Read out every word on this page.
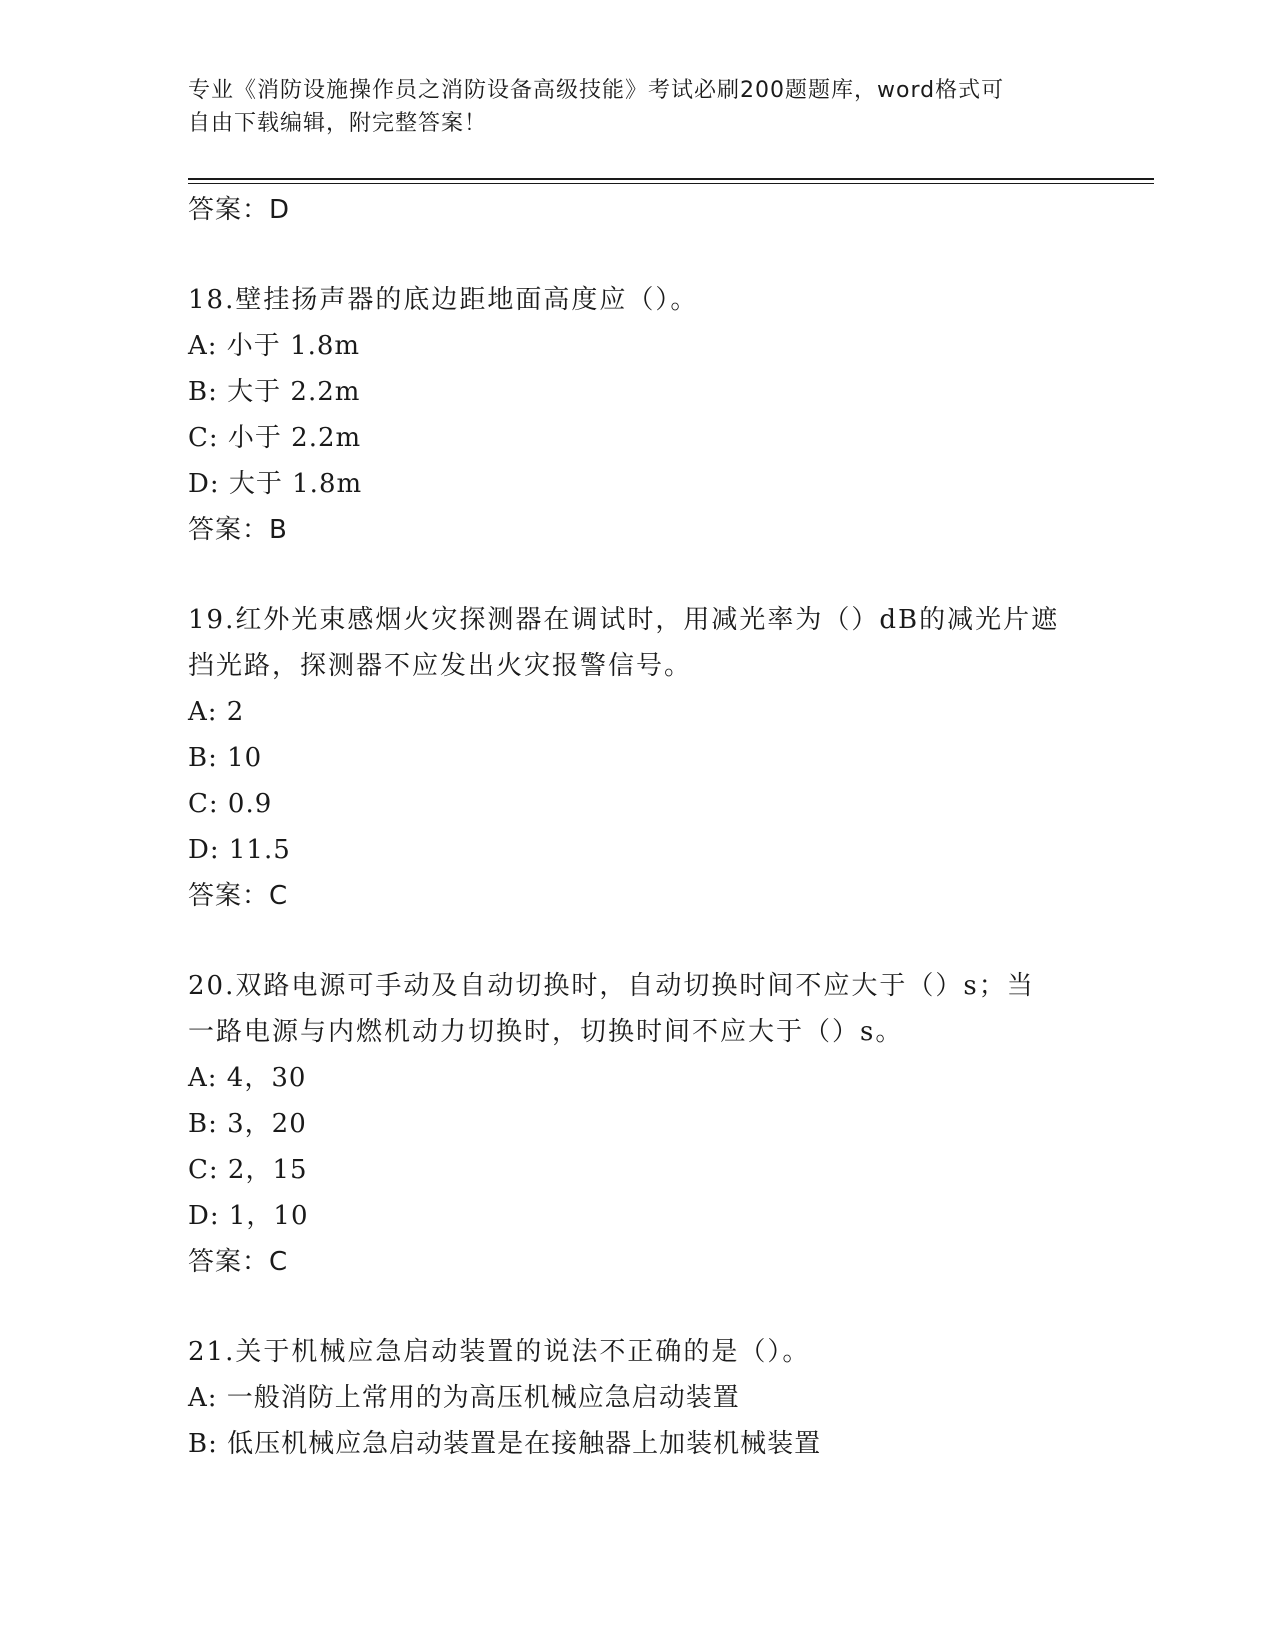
专业《消防设施操作员之消防设备高级技能》考试必刷200题题库，word格式可
自由下载编辑，附完整答案！

答案：D

18.壁挂扬声器的底边距地面高度应（）。

A: 小于 1.8m

B: 大于 2.2m

C: 小于 2.2m

D: 大于 1.8m

答案：B

19.红外光束感烟火灾探测器在调试时，用减光率为（）dB的减光片遮

挡光路，探测器不应发出火灾报警信号。

A: 2

B: 10

C: 0.9

D: 11.5

答案：C

20.双路电源可手动及自动切换时，自动切换时间不应大于（）s；当

一路电源与内燃机动力切换时，切换时间不应大于（）s。

A: 4，30

B: 3，20

C: 2，15

D: 1，10

答案：C

21.关于机械应急启动装置的说法不正确的是（）。

A: 一般消防上常用的为高压机械应急启动装置

B: 低压机械应急启动装置是在接触器上加装机械装置
